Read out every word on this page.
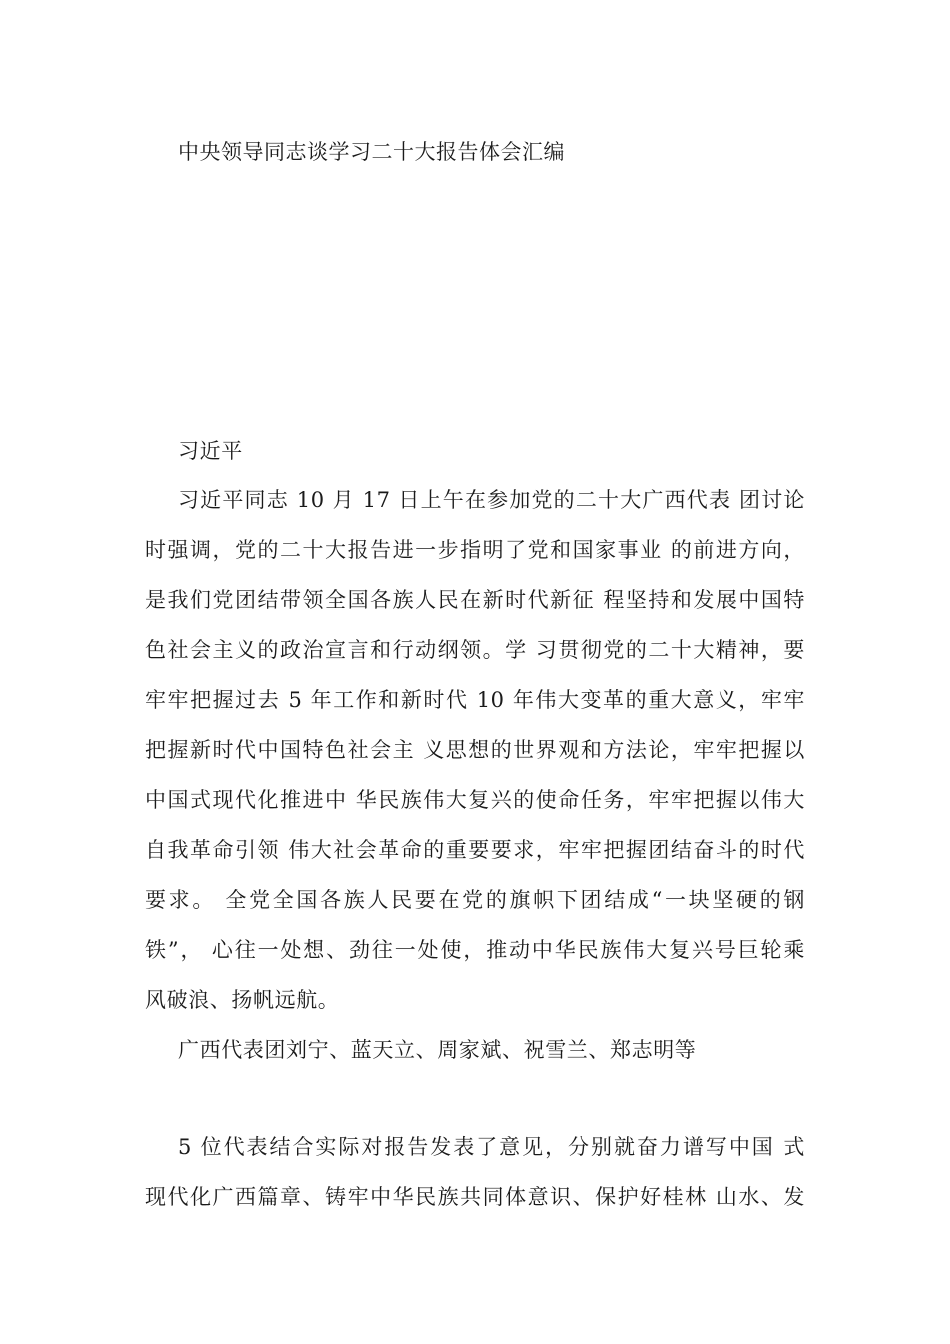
中央领导同志谈学习二十大报告体会汇编
习近平
习近平同志 10 月 17 日上午在参加党的二十大广西代表 团讨论
时强调，党的二十大报告进一步指明了党和国家事业 的前进方向，
是我们党团结带领全国各族人民在新时代新征 程坚持和发展中国特
色社会主义的政治宣言和行动纲领。学 习贯彻党的二十大精神，要
牢牢把握过去 5 年工作和新时代 10 年伟大变革的重大意义，牢牢
把握新时代中国特色社会主 义思想的世界观和方法论，牢牢把握以
中国式现代化推进中 华民族伟大复兴的使命任务，牢牢把握以伟大
自我革命引领 伟大社会革命的重要要求，牢牢把握团结奋斗的时代
要求。 全党全国各族人民要在党的旗帜下团结成“一块坚硬的钢
铁”， 心往一处想、劲往一处使，推动中华民族伟大复兴号巨轮乘
风破浪、扬帆远航。
广西代表团刘宁、蓝天立、周家斌、祝雪兰、郑志明等
5 位代表结合实际对报告发表了意见，分别就奋力谱写中国 式
现代化广西篇章、铸牢中华民族共同体意识、保护好桂林 山水、发
